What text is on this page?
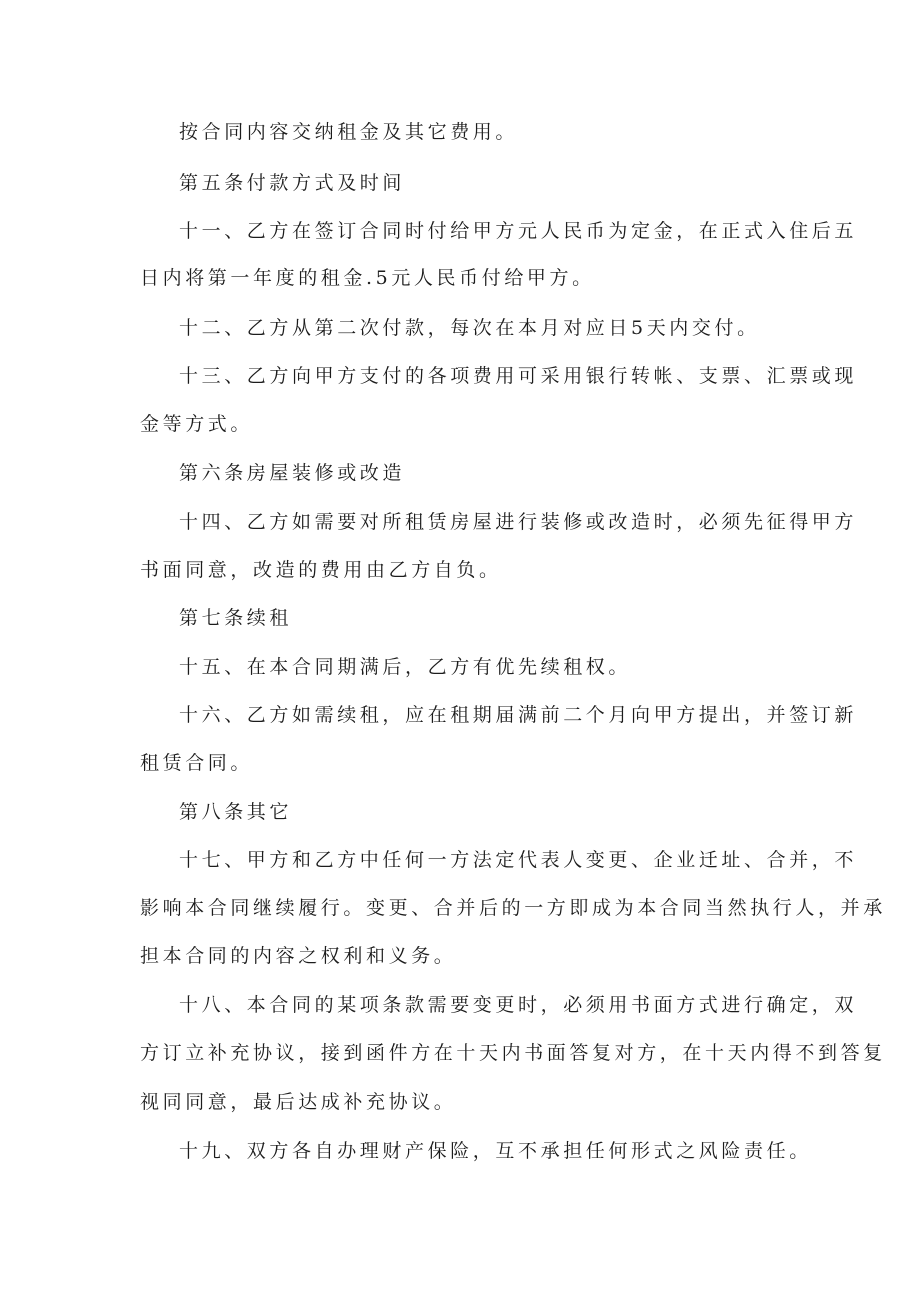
按合同内容交纳租金及其它费用。
第五条付款方式及时间
十一、乙方在签订合同时付给甲方元人民币为定金，在正式入住后五
日内将第一年度的租金.5元人民币付给甲方。
十二、乙方从第二次付款，每次在本月对应日5天内交付。
十三、乙方向甲方支付的各项费用可采用银行转帐、支票、汇票或现
金等方式。
第六条房屋装修或改造
十四、乙方如需要对所租赁房屋进行装修或改造时，必须先征得甲方
书面同意，改造的费用由乙方自负。
第七条续租
十五、在本合同期满后，乙方有优先续租权。
十六、乙方如需续租，应在租期届满前二个月向甲方提出，并签订新
租赁合同。
第八条其它
十七、甲方和乙方中任何一方法定代表人变更、企业迁址、合并，不
影响本合同继续履行。变更、合并后的一方即成为本合同当然执行人，并承
担本合同的内容之权利和义务。
十八、本合同的某项条款需要变更时，必须用书面方式进行确定，双
方订立补充协议，接到函件方在十天内书面答复对方，在十天内得不到答复
视同同意，最后达成补充协议。
十九、双方各自办理财产保险，互不承担任何形式之风险责任。
